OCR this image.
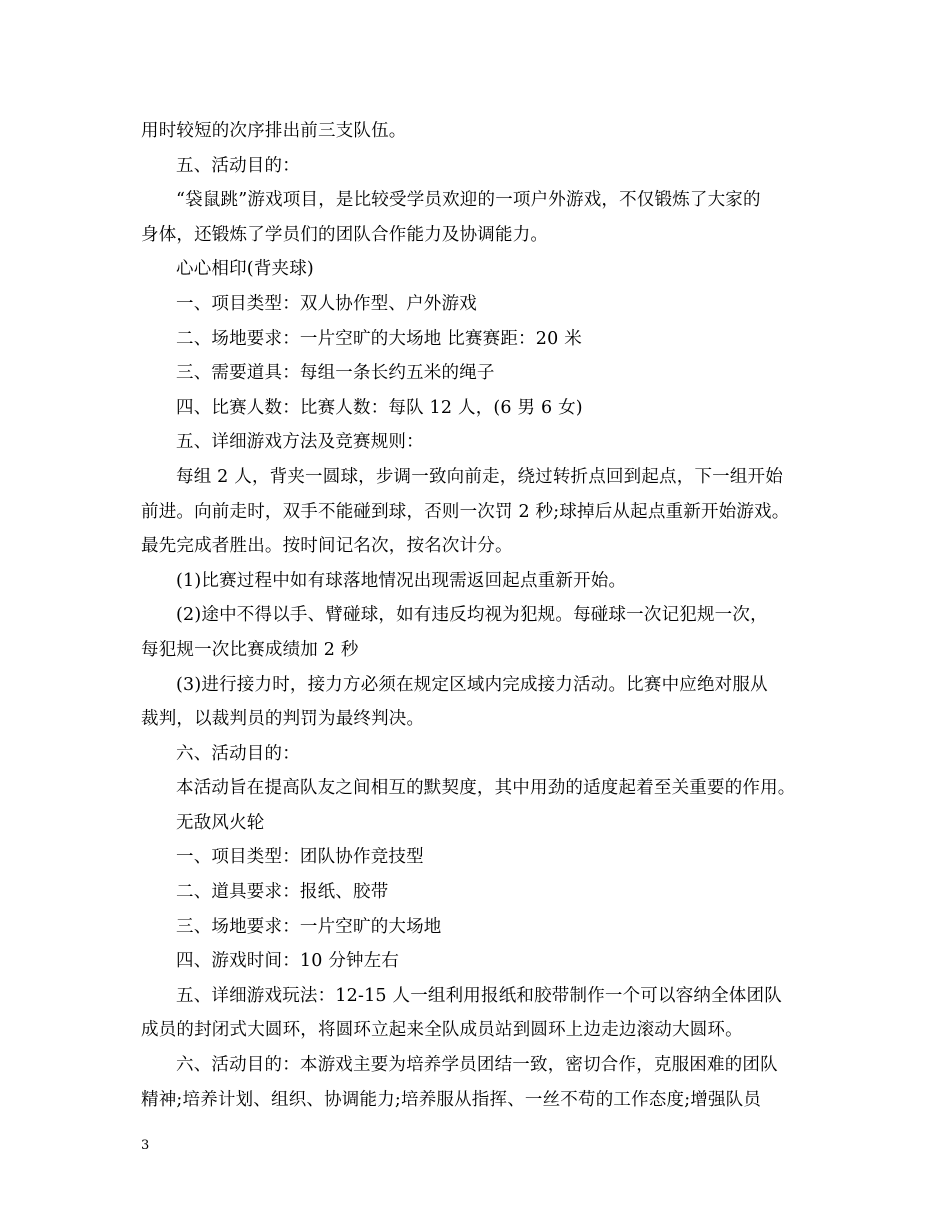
用时较短的次序排出前三支队伍。
五、活动目的：
“袋鼠跳”游戏项目，是比较受学员欢迎的一项户外游戏，不仅锻炼了大家的
身体，还锻炼了学员们的团队合作能力及协调能力。
心心相印(背夹球)
一、项目类型：双人协作型、户外游戏
二、场地要求：一片空旷的大场地 比赛赛距：20 米
三、需要道具：每组一条长约五米的绳子
四、比赛人数：比赛人数：每队 12 人，(6 男 6 女)
五、详细游戏方法及竞赛规则：
每组 2 人，背夹一圆球，步调一致向前走，绕过转折点回到起点，下一组开始
前进。向前走时，双手不能碰到球，否则一次罚 2 秒;球掉后从起点重新开始游戏。
最先完成者胜出。按时间记名次，按名次计分。
(1)比赛过程中如有球落地情况出现需返回起点重新开始。
(2)途中不得以手、臂碰球，如有违反均视为犯规。每碰球一次记犯规一次，
每犯规一次比赛成绩加 2 秒
(3)进行接力时，接力方必须在规定区域内完成接力活动。比赛中应绝对服从
裁判，以裁判员的判罚为最终判决。
六、活动目的：
本活动旨在提高队友之间相互的默契度，其中用劲的适度起着至关重要的作用。
无敌风火轮
一、项目类型：团队协作竞技型
二、道具要求：报纸、胶带
三、场地要求：一片空旷的大场地
四、游戏时间：10 分钟左右
五、详细游戏玩法：12-15 人一组利用报纸和胶带制作一个可以容纳全体团队
成员的封闭式大圆环，将圆环立起来全队成员站到圆环上边走边滚动大圆环。
六、活动目的：本游戏主要为培养学员团结一致，密切合作，克服困难的团队
精神;培养计划、组织、协调能力;培养服从指挥、一丝不苟的工作态度;增强队员
3
